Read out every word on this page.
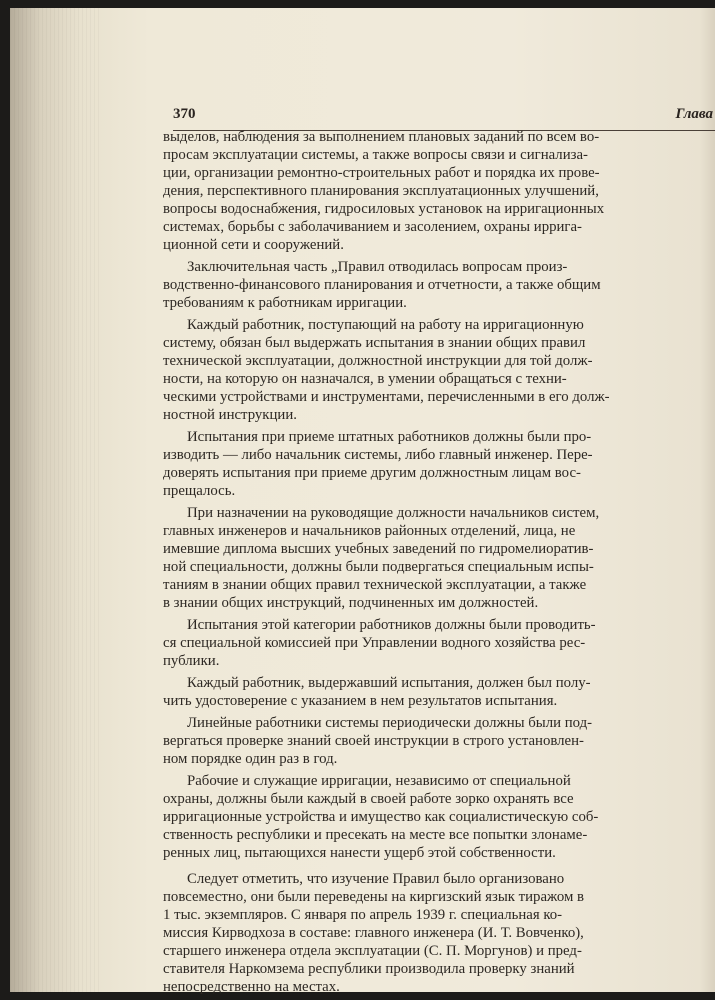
370	Глава
выделов, наблюдения за выполнением плановых заданий по всем во-
просам эксплуатации системы, а также вопросы связи и сигнализа-
ции, организации ремонтно-строительных работ и порядка их прове-
дения, перспективного планирования эксплуатационных улучшений,
вопросы водоснабжения, гидросиловых установок на ирригационных
системах, борьбы с заболачиванием и засолением, охраны ирригa-
ционной сети и сооружений.
Заключительная часть „Правил отводилась вопросам произ-
водственно-финансового планирования и отчетности, а также общим
требованиям к работникам ирригации.
Каждый работник, поступающий на работу на ирригационную
систему, обязан был выдержать испытания в знании общих правил
технической эксплуатации, должностной инструкции для той долж-
ности, на которую он назначался, в умении обращаться с техни-
ческими устройствами и инструментами, перечисленными в его долж-
ностной инструкции.
Испытания при приеме штатных работников должны были про-
изводить — либо начальник системы, либо главный инженер. Пере-
доверять испытания при приеме другим должностным лицам вос-
прещалось.
При назначении на руководящие должности начальников систем,
главных инженеров и начальников районных отделений, лица, не
имевшие диплома высших учебных заведений по гидромелиоратив-
ной специальности, должны были подвергаться специальным испы-
таниям в знании общих правил технической эксплуатации, а также
в знании общих инструкций, подчиненных им должностей.
Испытания этой категории работников должны были проводить-
ся специальной комиссией при Управлении водного хозяйства рес-
публики.
Каждый работник, выдержавший испытания, должен был полу-
чить удостоверение с указанием в нем результатов испытания.
Линейные работники системы периодически должны были под-
вергаться проверке знаний своей инструкции в строго установлен-
ном порядке один раз в год.
Рабочие и служащие ирригации, независимо от специальной
охраны, должны были каждый в своей работе зорко охранять все
ирригационные устройства и имущество как социалистическую соб-
ственность республики и пресекать на месте все попытки злонаме-
ренных лиц, пытающихся нанести ущерб этой собственности.
Следует отметить, что изучение Правил было организовано
повсеместно, они были переведены на киргизский язык тиражом в
1 тыс. экземпляров. С января по апрель 1939 г. специальная ко-
миссия Кирводхоза в составе: главного инженера (И. Т. Вовченко),
старшего инженера отдела эксплуатации (С. П. Моргунов) и пред-
ставителя Наркомзема республики производила проверку знаний
непосредственно на местах.
